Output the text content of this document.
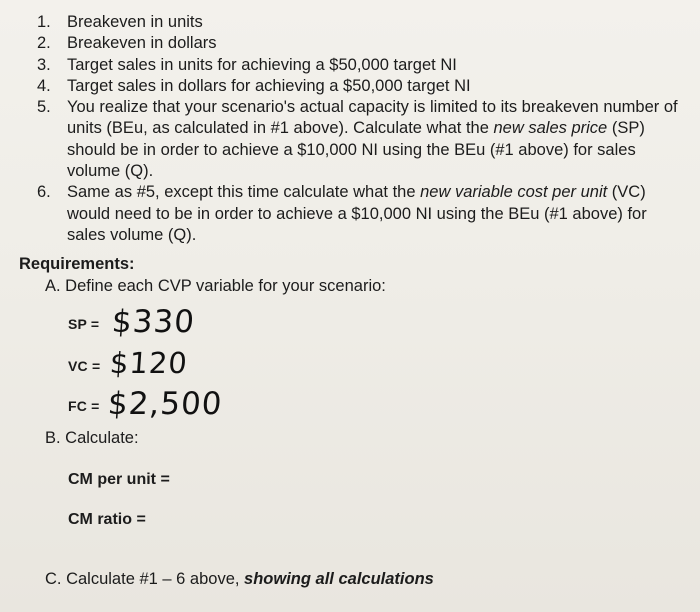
1. Breakeven in units
2. Breakeven in dollars
3. Target sales in units for achieving a $50,000 target NI
4. Target sales in dollars for achieving a $50,000 target NI
5. You realize that your scenario's actual capacity is limited to its breakeven number of units (BEu, as calculated in #1 above). Calculate what the new sales price (SP) should be in order to achieve a $10,000 NI using the BEu (#1 above) for sales volume (Q).
6. Same as #5, except this time calculate what the new variable cost per unit (VC) would need to be in order to achieve a $10,000 NI using the BEu (#1 above) for sales volume (Q).
Requirements:
A. Define each CVP variable for your scenario:
SP = $330
VC = $120
FC = $2,500
B. Calculate:
CM per unit =
CM ratio =
C. Calculate #1 – 6 above, showing all calculations
